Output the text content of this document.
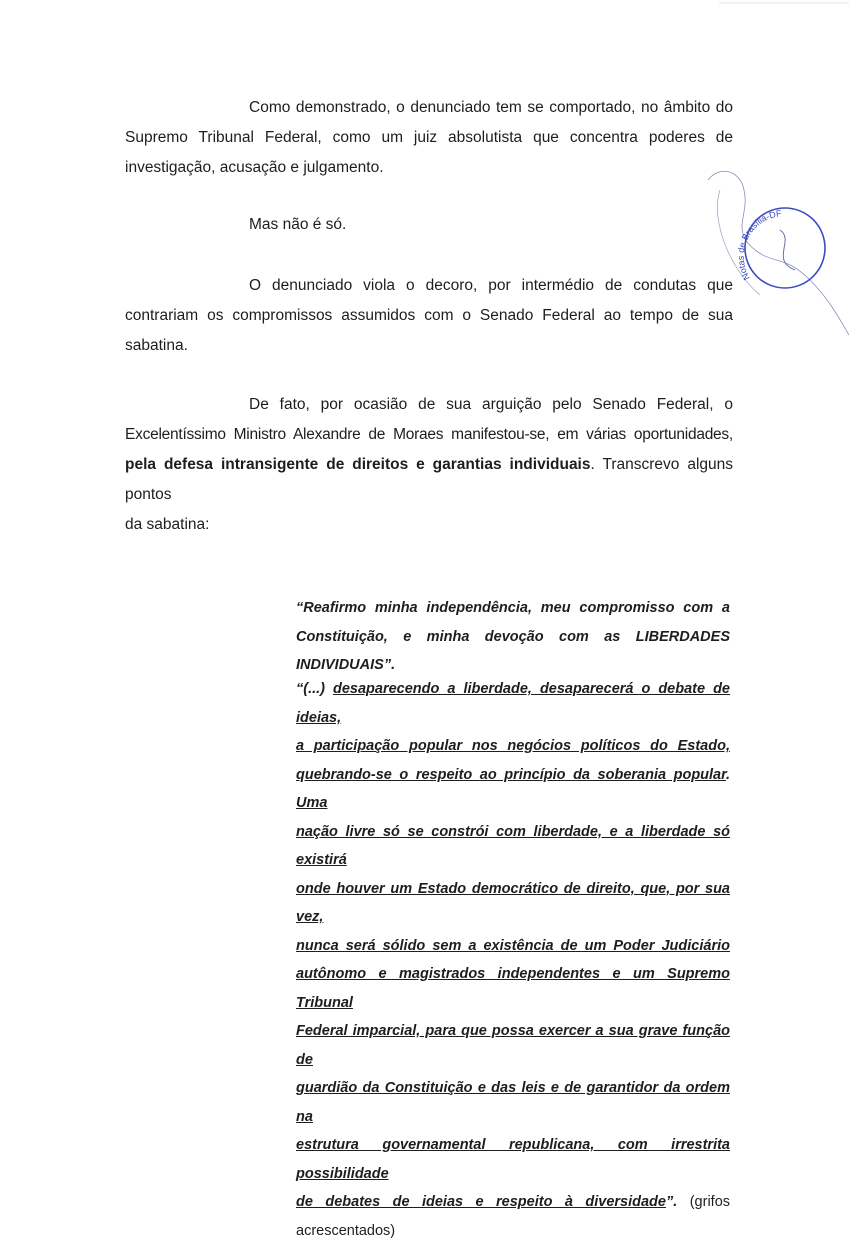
Como demonstrado, o denunciado tem se comportado, no âmbito do
Supremo Tribunal Federal, como um juiz absolutista que concentra poderes de
investigação, acusação e julgamento.

Mas não é só.

O denunciado viola o decoro, por intermédio de condutas que
contrariam os compromissos assumidos com o Senado Federal ao tempo de sua
sabatina.

De fato, por ocasião de sua arguição pelo Senado Federal, o
Excelentíssimo Ministro Alexandre de Moraes manifestou-se, em várias oportunidades,
pela defesa intransigente de direitos e garantias individuais. Transcrevo alguns pontos
da sabatina:

“Reafirmo minha independência, meu compromisso com a
Constituição, e minha devoção com as LIBERDADES INDIVIDUAIS”.

“(...) desaparecendo a liberdade, desaparecerá o debate de ideias,
a participação popular nos negócios políticos do Estado,
quebrando-se o respeito ao princípio da soberania popular. Uma
nação livre só se constrói com liberdade, e a liberdade só existirá
onde houver um Estado democrático de direito, que, por sua vez,
nunca será sólido sem a existência de um Poder Judiciário
autônomo e magistrados independentes e um Supremo Tribunal
Federal imparcial, para que possa exercer a sua grave função de
guardião da Constituição e das leis e de garantidor da ordem na
estrutura governamental republicana, com irrestrita possibilidade
de debates de ideias e respeito à diversidade”. (grifos
acrescentados)

Notas de Brasília-DF
